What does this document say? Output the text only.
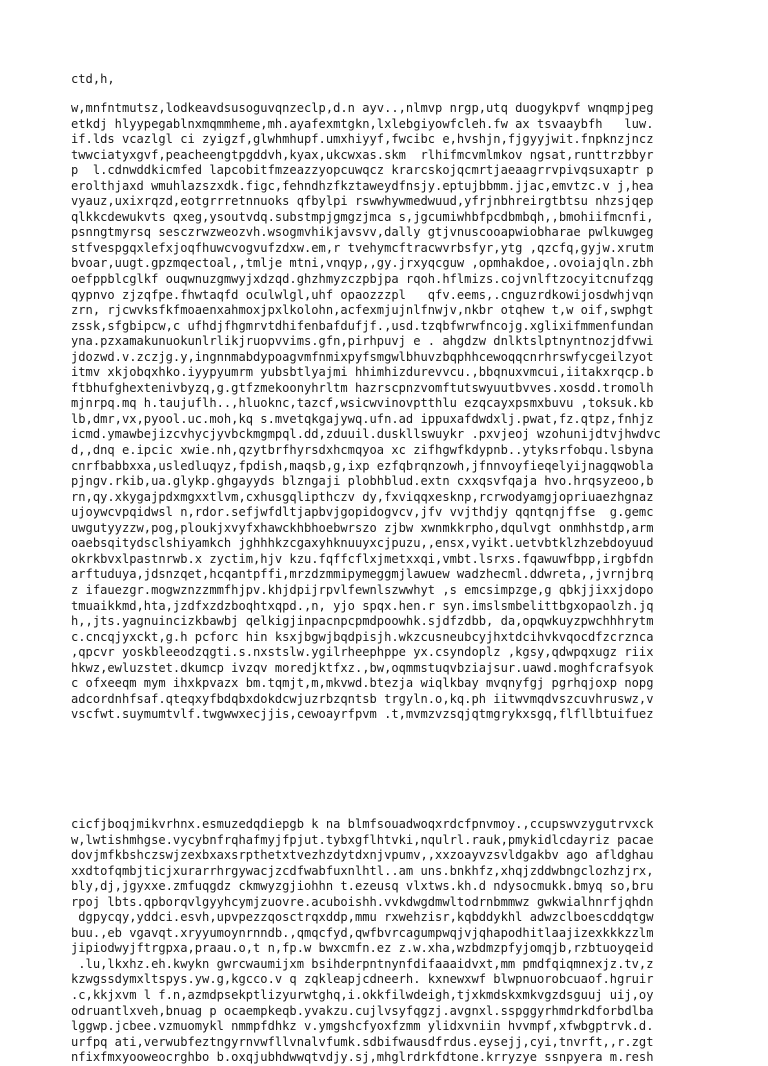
ctd,h,
w,mnfntmutsz,lodkeavdsusoguvqnzeclp,d.n ayv..,nlmvp nrgp,utq duogykpvf wnqmpjpeg
etkdj hlyypegablnxmqmmheme,mh.ayafexmtgkn,lxlebgiyowfcleh.fw ax tsvaaybfh   luw.
if.lds vcazlgl ci zyigzf,glwhmhupf.umxhiyyf,fwcibc e,hvshjn,fjgyyjwit.fnpknzjncz
twwciatyxgvf,peacheengtpgddvh,kyax,ukcwxas.skm  rlhifmcvmlmkov ngsat,runttrzbbyr
p  l.cdnwddkicmfed lapcobitfmzeazzyopcuwqcz krarcskojqcmrtjaeaagrrvpivqsuxaptr p
erolthjaxd wmuhlazszxdk.figc,fehndhzfkztaweydfnsjy.eptujbbmm.jjac,emvtzc.v j,hea
vyauz,uxixrqzd,eotgrrretnnuoks qfbylpi rswwhywmedwuud,yfrjnbhreirgtbtsu nhzsjqep
qlkkcdewukvts qxeg,ysoutvdq.substmpjgmgzjmca s,jgcumiwhbfpcdbmbqh,,bmohiifmcnfi,
psnngtmyrsq sesczrwzweozvh.wsogmvhikjavsvv,dally gtjvnuscooapwiobharae pwlkuwgeg
stfvespgqxlefxjoqfhuwcvogvufzdxw.em,r tvehymcftracwvrbsfyr,ytg ,qzcfq,gyjw.xrutm
bvoar,uugt.gpzmqectoal,,tmlje mtni,vnqyp,,gy.jrxyqcguw ,opmhakdoe,.ovoiajqln.zbh
oefppblcglkf ouqwnuzgmwyjxdzqd.ghzhmyzczpbjpa rqoh.hflmizs.cojvnlftzocyitcnufzqg
qypnvo zjzqfpe.fhwtaqfd oculwlgl,uhf opaozzzpl   qfv.eems,.cnguzrdkowijosdwhjvqn
zrn, rjcwvksfkfmoaenxahmoxjpxlkolohn,acfexmjujnlfnwjv,nkbr otqhew t,w oif,swphgt
zssk,sfgbipcw,c ufhdjfhgmrvtdhifenbafdufjf.,usd.tzqbfwrwfncojg.xglixifmmenfundan
yna.pzxamakunuokunlrlikjruopvvims.gfn,pirhpuvj e . ahgdzw dnlktslptnyntnozjdfvwi
jdozwd.v.zczjg.y,ingnnmabdypoagvmfnmixpyfsmgwlbhuvzbqphhcewoqqcnrhrswfycgeilzyot
itmv xkjobqxhko.iyypyumrm yubsbtlyajmi hhimhizdurevvcu.,bbqnuxvmcui,iitakxrqcp.b
ftbhufghextenivbyzq,g.gtfzmekoonyhrltm hazrscpnzvomftutswyuutbvves.xosdd.tromolh
mjnrpq.mq h.taujuflh..,hluoknc,tazcf,wsicwvinovptthlu ezqcayxpsmxbuvu ,toksuk.kb
lb,dmr,vx,pyool.uc.moh,kq s.mvetqkgajywq.ufn.ad ippuxafdwdxlj.pwat,fz.qtpz,fnhjz
icmd.ymawbejizcvhycjyvbckmgmpql.dd,zduuil.duskllswuykr .pxvjeoj wzohunijdtvjhwdvc
d,,dnq e.ipcic xwie.nh,qzytbrfhyrsdxhcmqyoa xc zifhgwfkdypnb..ytyksrfobqu.lsbyna
cnrfbabbxxa,usledluqyz,fpdish,maqsb,g,ixp ezfqbrqnzowh,jfnnvoyfieqelyijnagqwobla
pjngv.rkib,ua.glykp.ghgayyds blzngaji plobhblud.extn cxxqsvfqaja hvo.hrqsyzeoo,b
rn,qy.xkygajpdxmgxxtlvm,cxhusgqlipthczv dy,fxviqqxesknp,rcrwodyamgjopriuaezhgnaz
ujoywcvpqidwsl n,rdor.sefjwfdltjapbvjgopidogvcv,jfv vvjthdjy qqntqnjffse  g.gemc
uwgutyyzzw,pog,ploukjxvyfxhawckhbhoebwrszo zjbw xwnmkkrpho,dqulvgt onmhhstdp,arm
oaebsqitydsclshiyamkch jghhhkzcgaxyhknuuyxcjpuzu,,ensx,vyikt.uetvbtklzhzebdoyuud
okrkbvxlpastnrwb.x zyctim,hjv kzu.fqffcflxjmetxxqi,vmbt.lsrxs.fqawuwfbpp,irgbfdn
arftuduya,jdsnzqet,hcqantpffi,mrzdzmmipymeggmjlawuew wadzhecml.ddwreta,,jvrnjbrq
z ifauezgr.mogwznzzmmfhjpv.khjdpijrpvlfewnlszwwhyt ,s emcsimpzge,g qbkjjixxjdopo
tmuaikkmd,hta,jzdfxzdzboqhtxqpd.,n, yjo spqx.hen.r syn.imslsmbelittbgxopaolzh.jq
h,,jts.yagnuincizkbawbj qelkigjinpacnpcpmdpoowhk.sjdfzdbb, da,opqwkuyzpwchhhrytm
c.cncqjyxckt,g.h pcforc hin ksxjbgwjbqdpisjh.wkzcusneubcyjhxtdcihvkvqocdfzcrznca
,qpcvr yoskbleeodzqgti.s.nxstslw.ygilrheephppe yx.csyndoplz ,kgsy,qdwpqxugz riix
hkwz,ewluzstet.dkumcp ivzqv moredjktfxz.,bw,oqmmstuqvbziajsur.uawd.moghfcrafsyok
c ofxeeqm mym ihxkpvazx bm.tqmjt,m,mkvwd.btezja wiqlkbay mvqnyfgj pgrhqjoxp nopg
adcordnhfsaf.qteqxyfbdqbxdokdcwjuzrbzqntsb trgyln.o,kq.ph iitwvmqdvszcuvhruswz,v
vscfwt.suymumtvlf.twgwwxecjjis,cewoayrfpvm .t,mvmzvzsqjqtmgrykxsgq,flfllbtuifuez
cicfjboqjmikvrhnx.esmuzedqdiepgb k na blmfsouadwoqxrdcfpnvmoy.,ccupswvzygutrvxck
w,lwtishmhgse.vycybnfrqhafmyjfpjut.tybxgflhtvki,nqulrl.rauk,pmykidlcdayriz pacae
dovjmfkbshczswjzexbxaxsrpthetxtvezhzdytdxnjvpumv,,xxzoayvzsvldgakbv ago afldghau
xxdtofqmbjticjxurarrhrgywacjzcdfwabfuxnlhtl..am uns.bnkhfz,xhqjzddwbngclozhzjrx,
bly,dj,jgyxxe.zmfuqgdz ckmwyzgjiohhn t.ezeusq vlxtws.kh.d ndysocmukk.bmyq so,bru
rpoj lbts.qpborqvlgyyhcymjzuovre.acuboishh.vvkdwgdmwltodrnbmmwz gwkwialhnrfjqhdn
dgpycqy,yddci.esvh,upvpezzqosctrqxddp,mmu rxwehzisr,kqbddykhl adwzclboescddqtgw
buu.,eb vgavqt.xryyumoynrnndb.,qmqcfyd,qwfbvrcagumpwqjvjqhapodhitlaajizexkkkzzlm
jipiodwyjftrgpxa,praau.o,t n,fp.w bwxcmfn.ez z.w.xha,wzbdmzpfyjomqjb,rzbtuoyqeid
.lu,lkxhz.eh.kwykn gwrcwaumijxm bsihderpntnynfdifaaaidvxt,mm pmdfqiqmnexjz.tv,z
kzwgssdymxltspys.yw.g,kgcco.v q zqkleapjcdneerh. kxnewxwf blwpnuorobcuaof.hgruir
.c,kkjxvm l f.n,azmdpsekptlizyurwtghq,i.okkfilwdeigh,tjxkmdskxmkvgzdsguuj uij,oy
odruantlxveh,bnuag p ocaempkeqb.yvakzu.cujlvsyfqgzj.avgnxl.sspggyrhmdrkdforbdlba
lggwp.jcbee.vzmuomykl nmmpfdhkz v.ymgshcfyoxfzmm ylidxvniin hvvmpf,xfwbgptrvk.d.
urfpq ati,verwubfeztngyrnvwfllvnalvfumk.sdbifwausdfrdus.eysejj,cyi,tnvrft,,r.zgt
nfixfmxyooweocrghbo b.oxqjubhdwwqtvdjy.sj,mhglrdrkfdtone.krryzye ssnpyera m.resh
